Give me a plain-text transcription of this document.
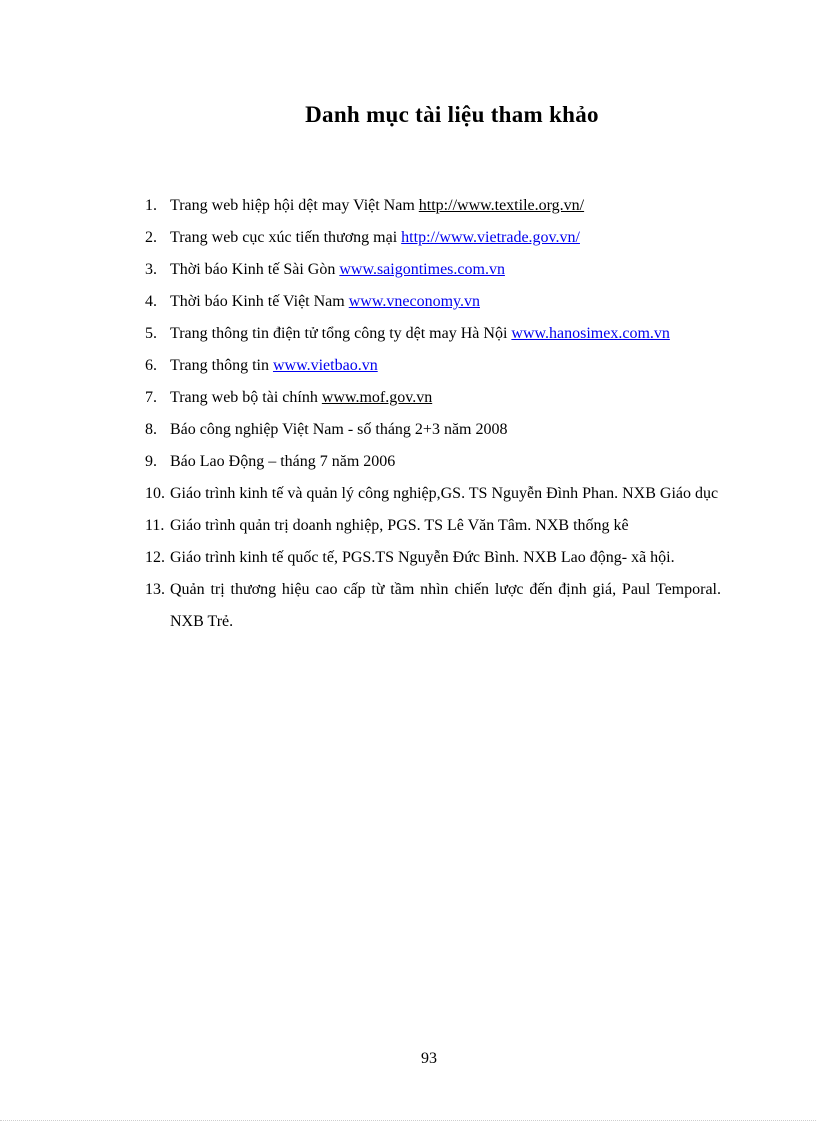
Danh mục tài liệu tham khảo
1. Trang web hiệp hội dệt may Việt Nam http://www.textile.org.vn/
2. Trang web cục xúc tiến thương mại http://www.vietrade.gov.vn/
3. Thời báo Kinh tế Sài Gòn www.saigontimes.com.vn
4. Thời báo Kinh tế Việt Nam www.vneconomy.vn
5. Trang thông tin điện tử tổng công ty dệt may Hà Nội www.hanosimex.com.vn
6. Trang thông tin www.vietbao.vn
7. Trang web bộ tài chính www.mof.gov.vn
8. Báo công nghiệp Việt Nam - số tháng 2+3 năm 2008
9. Báo Lao Động – tháng 7 năm 2006
10. Giáo trình kinh tế và quản lý công nghiệp,GS. TS Nguyễn Đình Phan. NXB Giáo dục
11. Giáo trình quản trị doanh nghiệp, PGS. TS Lê Văn Tâm. NXB thống kê
12. Giáo trình kinh tế quốc tế, PGS.TS Nguyễn Đức Bình. NXB Lao động- xã hội.
13. Quản trị thương hiệu cao cấp từ tầm nhìn chiến lược đến định giá, Paul Temporal. NXB Trẻ.
93
